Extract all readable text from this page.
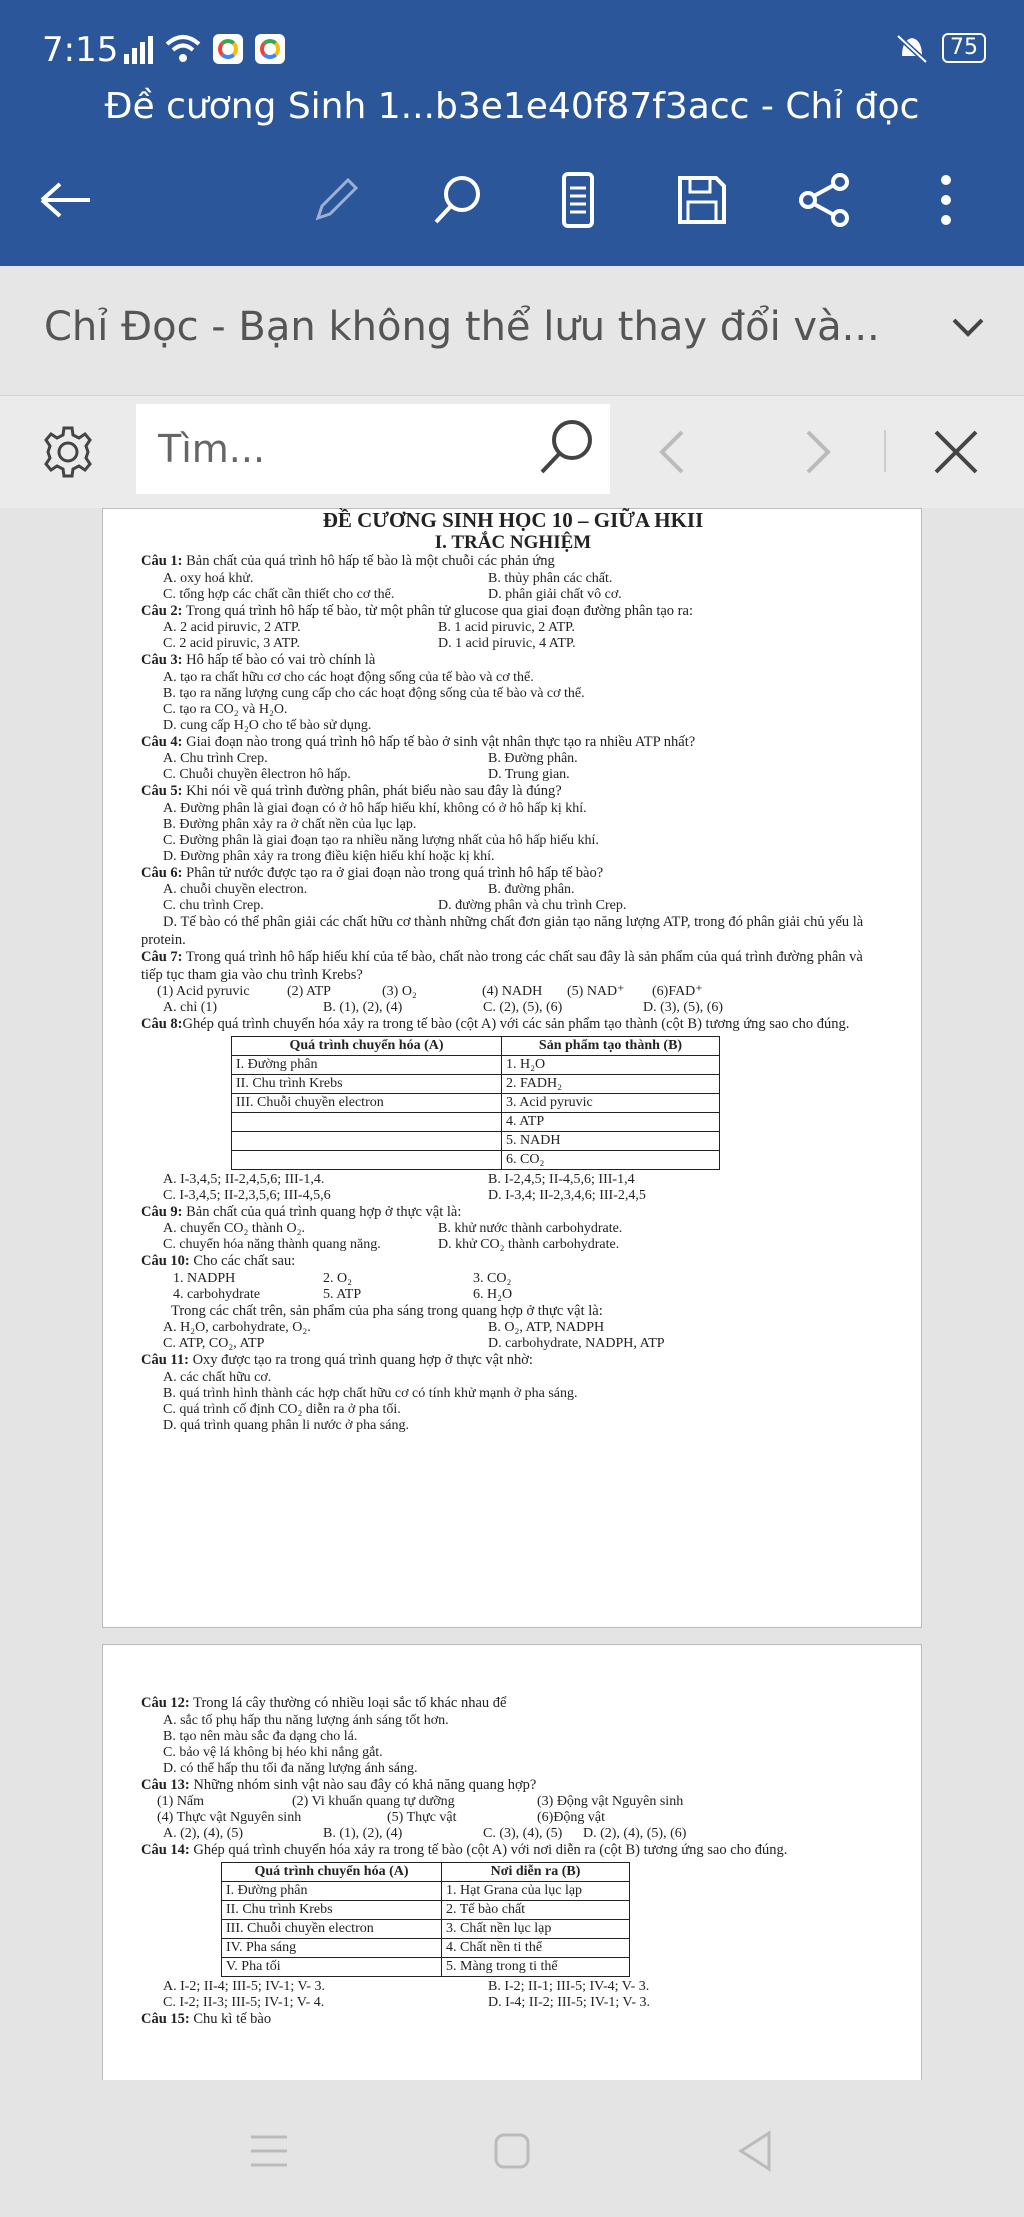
7:15	75
Đề cương Sinh 1...b3e1e40f87f3acc - Chỉ đọc
Chỉ Đọc - Bạn không thể lưu thay đổi và...
Tìm...
ĐỀ CƯƠNG SINH HỌC 10 – GIỮA HKII
I. TRẮC NGHIỆM
Câu 1: Bản chất của quá trình hô hấp tế bào là một chuỗi các phản ứng
A. oxy hoá khử.	B. thủy phân các chất.
C. tổng hợp các chất cần thiết cho cơ thể.	D. phân giải chất vô cơ.
Câu 2: Trong quá trình hô hấp tế bào, từ một phân tử glucose qua giai đoạn đường phân tạo ra:
A. 2 acid piruvic, 2 ATP.	B. 1 acid piruvic, 2 ATP.
C. 2 acid piruvic, 3 ATP.	D. 1 acid piruvic, 4 ATP.
Câu 3: Hô hấp tế bào có vai trò chính là
A. tạo ra chất hữu cơ cho các hoạt động sống của tế bào và cơ thể.
B. tạo ra năng lượng cung cấp cho các hoạt động sống của tế bào và cơ thể.
C. tạo ra CO₂ và H₂O.
D. cung cấp H₂O cho tế bào sử dụng.
Câu 4: Giai đoạn nào trong quá trình hô hấp tế bào ở sinh vật nhân thực tạo ra nhiều ATP nhất?
A. Chu trình Crep.	B. Đường phân.
C. Chuỗi chuyền êlectron hô hấp.	D. Trung gian.
Câu 5: Khi nói về quá trình đường phân, phát biểu nào sau đây là đúng?
A. Đường phân là giai đoạn có ở hô hấp hiếu khí, không có ở hô hấp kị khí.
B. Đường phân xảy ra ở chất nền của lục lạp.
C. Đường phân là giai đoạn tạo ra nhiều năng lượng nhất của hô hấp hiếu khí.
D. Đường phân xảy ra trong điều kiện hiếu khí hoặc kị khí.
Câu 6: Phân tử nước được tạo ra ở giai đoạn nào trong quá trình hô hấp tế bào?
A. chuỗi chuyền electron.	B. đường phân.
C. chu trình Crep.	D. đường phân và chu trình Crep.
D. Tế bào có thể phân giải các chất hữu cơ thành những chất đơn giản tạo năng lượng ATP, trong đó phân giải chủ yếu là protein.
Câu 7: Trong quá trình hô hấp hiếu khí của tế bào, chất nào trong các chất sau đây là sản phẩm của quá trình đường phân và tiếp tục tham gia vào chu trình Krebs?
(1) Acid pyruvic	(2) ATP	(3) O₂	(4) NADH	(5) NAD⁺	(6)FAD⁺
A. chỉ (1)	B. (1), (2), (4)	C. (2), (5), (6)	D. (3), (5), (6)
Câu 8:Ghép quá trình chuyển hóa xảy ra trong tế bào (cột A) với các sản phẩm tạo thành (cột B) tương ứng sao cho đúng.
Quá trình chuyển hóa (A)	Sản phẩm tạo thành (B)
I. Đường phân	1. H₂O
II. Chu trình Krebs	2. FADH₂
III. Chuỗi chuyền electron	3. Acid pyruvic
	4. ATP
	5. NADH
	6. CO₂
A. I-3,4,5; II-2,4,5,6; III-1,4.	B. I-2,4,5; II-4,5,6; III-1,4
C. I-3,4,5; II-2,3,5,6; III-4,5,6	D. I-3,4; II-2,3,4,6; III-2,4,5
Câu 9: Bản chất của quá trình quang hợp ở thực vật là:
A. chuyển CO₂ thành O₂.	B. khử nước thành carbohydrate.
C. chuyển hóa năng thành quang năng.	D. khử CO₂ thành carbohydrate.
Câu 10: Cho các chất sau:
1. NADPH	2. O₂	3. CO₂
4. carbohydrate	5. ATP	6. H₂O
Trong các chất trên, sản phẩm của pha sáng trong quang hợp ở thực vật là:
A. H₂O, carbohydrate, O₂.	B. O₂, ATP, NADPH
C. ATP, CO₂, ATP	D. carbohydrate, NADPH, ATP
Câu 11: Oxy được tạo ra trong quá trình quang hợp ở thực vật nhờ:
A. các chất hữu cơ.
B. quá trình hình thành các hợp chất hữu cơ có tính khử mạnh ở pha sáng.
C. quá trình cố định CO₂ diễn ra ở pha tối.
D. quá trình quang phân li nước ở pha sáng.
Câu 12: Trong lá cây thường có nhiều loại sắc tố khác nhau để
A. sắc tố phụ hấp thu năng lượng ánh sáng tốt hơn.
B. tạo nên màu sắc đa dạng cho lá.
C. bảo vệ lá không bị héo khi nắng gắt.
D. có thể hấp thu tối đa năng lượng ánh sáng.
Câu 13: Những nhóm sinh vật nào sau đây có khả năng quang hợp?
(1) Nấm	(2) Vi khuẩn quang tự dưỡng	(3) Động vật Nguyên sinh
(4) Thực vật Nguyên sinh	(5) Thực vật	(6)Động vật
A. (2), (4), (5)	B. (1), (2), (4)	C. (3), (4), (5)	D. (2), (4), (5), (6)
Câu 14: Ghép quá trình chuyển hóa xảy ra trong tế bào (cột A) với nơi diễn ra (cột B) tương ứng sao cho đúng.
Quá trình chuyển hóa (A)	Nơi diễn ra (B)
I. Đường phân	1. Hạt Grana của lục lạp
II. Chu trình Krebs	2. Tế bào chất
III. Chuỗi chuyền electron	3. Chất nền lục lạp
IV. Pha sáng	4. Chất nền ti thể
V. Pha tối	5. Màng trong ti thể
A. I-2; II-4; III-5; IV-1; V- 3.	B. I-2; II-1; III-5; IV-4; V- 3.
C. I-2; II-3; III-5; IV-1; V- 4.	D. I-4; II-2; III-5; IV-1; V- 3.
Câu 15: Chu kì tế bào
